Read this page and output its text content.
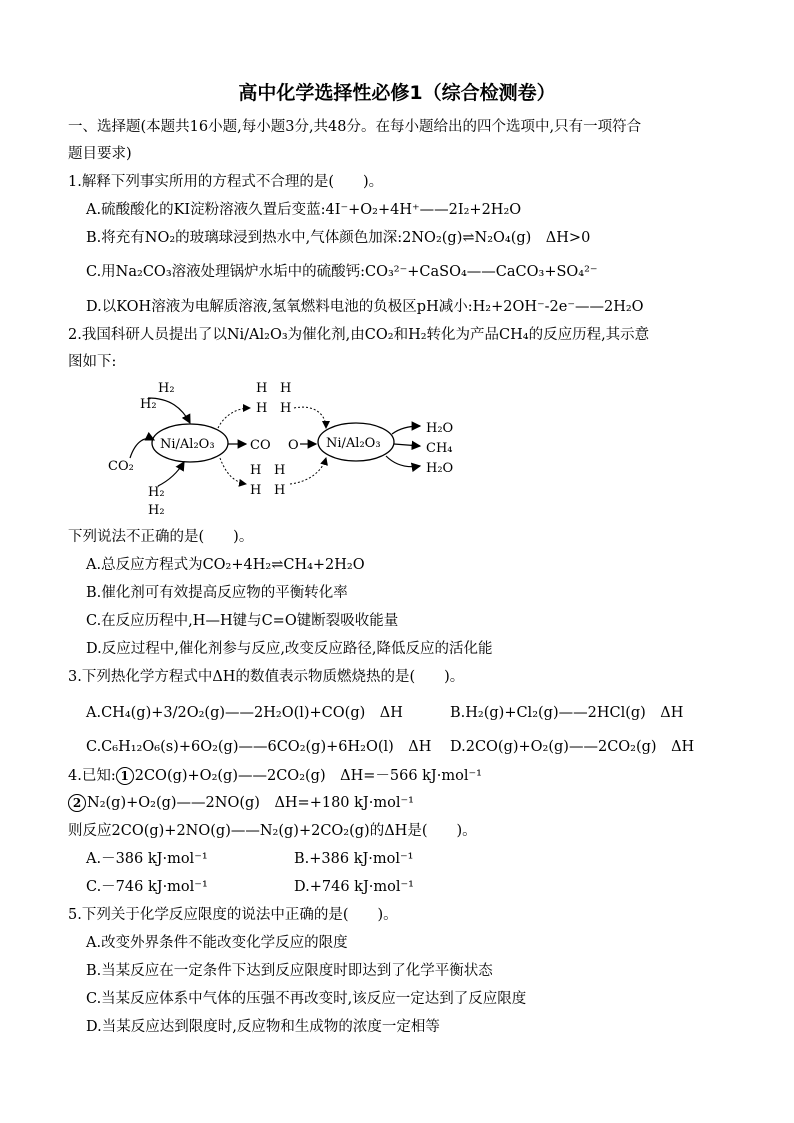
高中化学选择性必修1（综合检测卷）
一、选择题(本题共16小题,每小题3分,共48分。在每小题给出的四个选项中,只有一项符合
题目要求)
1.解释下列事实所用的方程式不合理的是(　　)。
A.硫酸酸化的KI淀粉溶液久置后变蓝:4I⁻+O₂+4H⁺——2I₂+2H₂O
B.将充有NO₂的玻璃球浸到热水中,气体颜色加深:2NO₂(g)⇌N₂O₄(g)　ΔH>0
C.用Na₂CO₃溶液处理锅炉水垢中的硫酸钙:CO₃²⁻+CaSO₄——CaCO₃+SO₄²⁻
D.以KOH溶液为电解质溶液,氢氧燃料电池的负极区pH减小:H₂+2OH⁻-2e⁻——2H₂O
2.我国科研人员提出了以Ni/Al₂O₃为催化剂,由CO₂和H₂转化为产品CH₄的反应历程,其示意
图如下:
H₂
H₂
CO₂
H₂
H₂
Ni/Al₂O₃
H H
H H
CO O
H H
H H
Ni/Al₂O₃
H₂O
CH₄
H₂O
下列说法不正确的是(　　)。
A.总反应方程式为CO₂+4H₂⇌CH₄+2H₂O
B.催化剂可有效提高反应物的平衡转化率
C.在反应历程中,H—H键与C=O键断裂吸收能量
D.反应过程中,催化剂参与反应,改变反应路径,降低反应的活化能
3.下列热化学方程式中ΔH的数值表示物质燃烧热的是(　　)。
A.CH₄(g)+3/2O₂(g)——2H₂O(l)+CO(g)　ΔH	B.H₂(g)+Cl₂(g)——2HCl(g)　ΔH
C.C₆H₁₂O₆(s)+6O₂(g)——6CO₂(g)+6H₂O(l)　ΔH D.2CO(g)+O₂(g)——2CO₂(g)　ΔH
4.已知: 1 2CO(g)+O₂(g)——2CO₂(g)　ΔH=－566 kJ·mol⁻¹
2 N₂(g)+O₂(g)——2NO(g)　ΔH=+180 kJ·mol⁻¹
则反应2CO(g)+2NO(g)——N₂(g)+2CO₂(g)的ΔH是(　　)。
A.－386 kJ·mol⁻¹	B.+386 kJ·mol⁻¹
C.－746 kJ·mol⁻¹	D.+746 kJ·mol⁻¹
5.下列关于化学反应限度的说法中正确的是(　　)。
A.改变外界条件不能改变化学反应的限度
B.当某反应在一定条件下达到反应限度时即达到了化学平衡状态
C.当某反应体系中气体的压强不再改变时,该反应一定达到了反应限度
D.当某反应达到限度时,反应物和生成物的浓度一定相等
